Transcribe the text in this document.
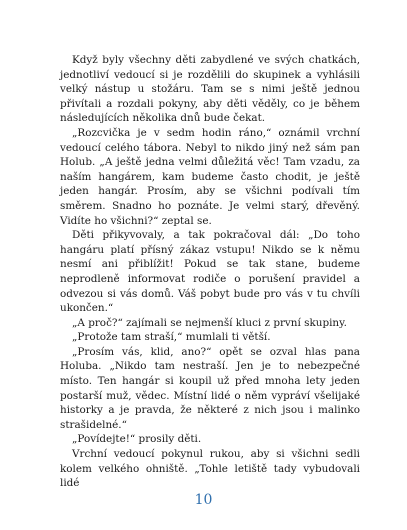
Když byly všechny děti zabydlené ve svých chatkách, jednotliví vedoucí si je rozdělili do skupinek a vyhlásili velký nástup u stožáru. Tam se s nimi ještě jednou přivítali a rozdali pokyny, aby děti věděly, co je během následujících několika dnů bude čekat.

„Rozcvička je v sedm hodin ráno,“ oznámil vrchní vedoucí celého tábora. Nebyl to nikdo jiný než sám pan Holub. „A ještě jedna velmi důležitá věc! Tam vzadu, za naším hangárem, kam budeme často chodit, je ještě jeden hangár. Prosím, aby se všichni podívali tím směrem. Snadno ho poznáte. Je velmi starý, dřevěný. Vidíte ho všichni?“ zeptal se.

Děti přikyvovaly, a tak pokračoval dál: „Do toho hangáru platí přísný zákaz vstupu! Nikdo se k němu nesmí ani přiblížit! Pokud se tak stane, budeme neprodleně informovat rodiče o porušení pravidel a odvezou si vás domů. Váš pobyt bude pro vás v tu chvíli ukončen.“

„A proč?“ zajímali se nejmenší kluci z první skupiny.

„Protože tam straší,“ mumlali ti větší.

„Prosím vás, klid, ano?“ opět se ozval hlas pana Holuba. „Nikdo tam nestraší. Jen je to nebezpečné místo. Ten hangár si koupil už před mnoha lety jeden postarší muž, vědec. Místní lidé o něm vypráví všelijaké historky a je pravda, že některé z nich jsou i malinko strašidelné.“

„Povídejte!“ prosily děti.

Vrchní vedoucí pokynul rukou, aby si všichni sedli kolem velkého ohniště. „Tohle letiště tady vybudovali lidé

10
